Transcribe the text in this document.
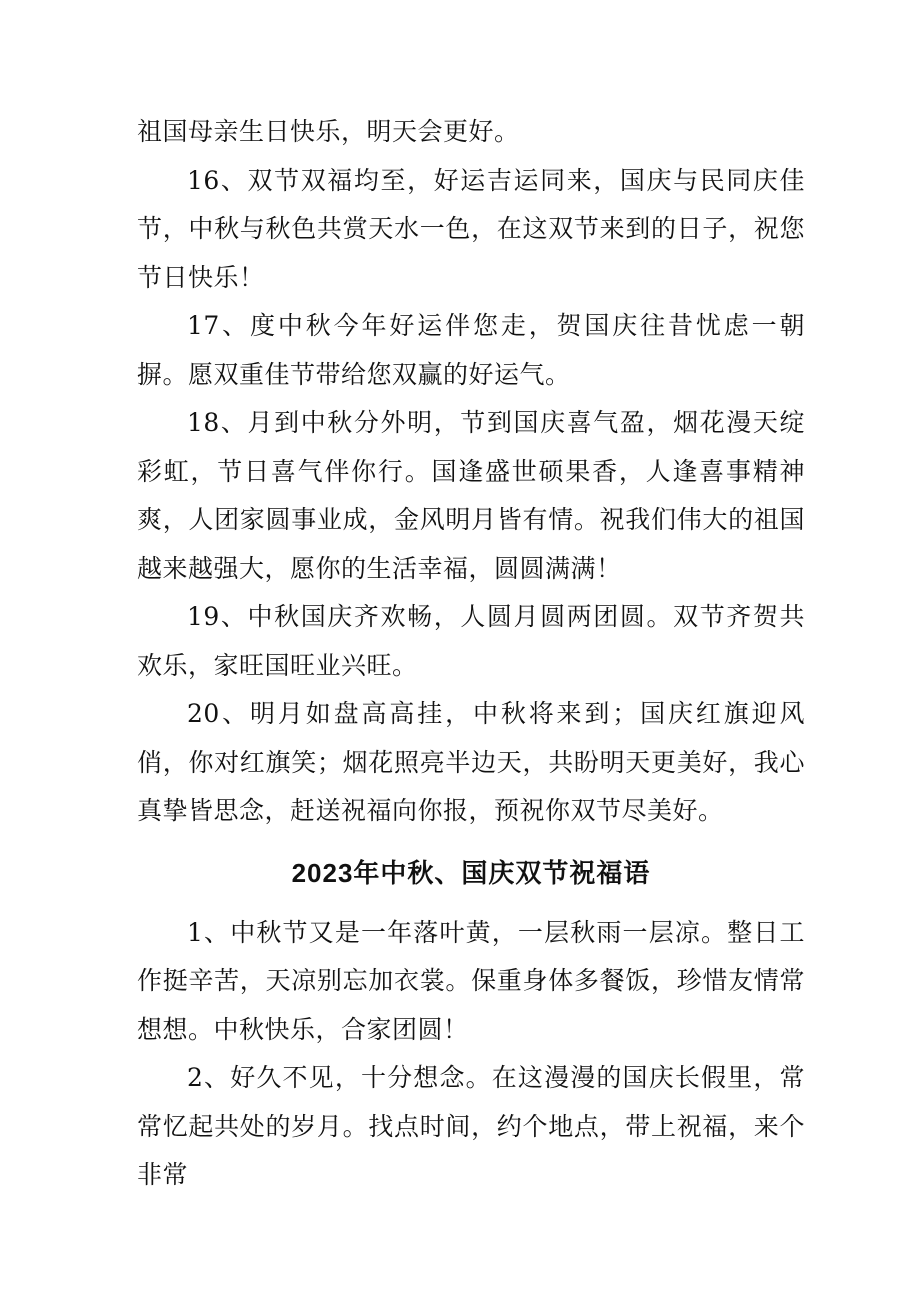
祖国母亲生日快乐，明天会更好。

16、双节双福均至，好运吉运同来，国庆与民同庆佳节，中秋与秋色共赏天水一色，在这双节来到的日子，祝您节日快乐！

17、度中秋今年好运伴您走，贺国庆往昔忧虑一朝摒。愿双重佳节带给您双赢的好运气。

18、月到中秋分外明，节到国庆喜气盈，烟花漫天绽彩虹，节日喜气伴你行。国逢盛世硕果香，人逢喜事精神爽，人团家圆事业成，金风明月皆有情。祝我们伟大的祖国越来越强大，愿你的生活幸福，圆圆满满！

19、中秋国庆齐欢畅，人圆月圆两团圆。双节齐贺共欢乐，家旺国旺业兴旺。

20、明月如盘高高挂，中秋将来到；国庆红旗迎风俏，你对红旗笑；烟花照亮半边天，共盼明天更美好，我心真挚皆思念，赶送祝福向你报，预祝你双节尽美好。

2023年中秋、国庆双节祝福语

1、中秋节又是一年落叶黄，一层秋雨一层凉。整日工作挺辛苦，天凉别忘加衣裳。保重身体多餐饭，珍惜友情常想想。中秋快乐，合家团圆！

2、好久不见，十分想念。在这漫漫的国庆长假里，常常忆起共处的岁月。找点时间，约个地点，带上祝福，来个非常
